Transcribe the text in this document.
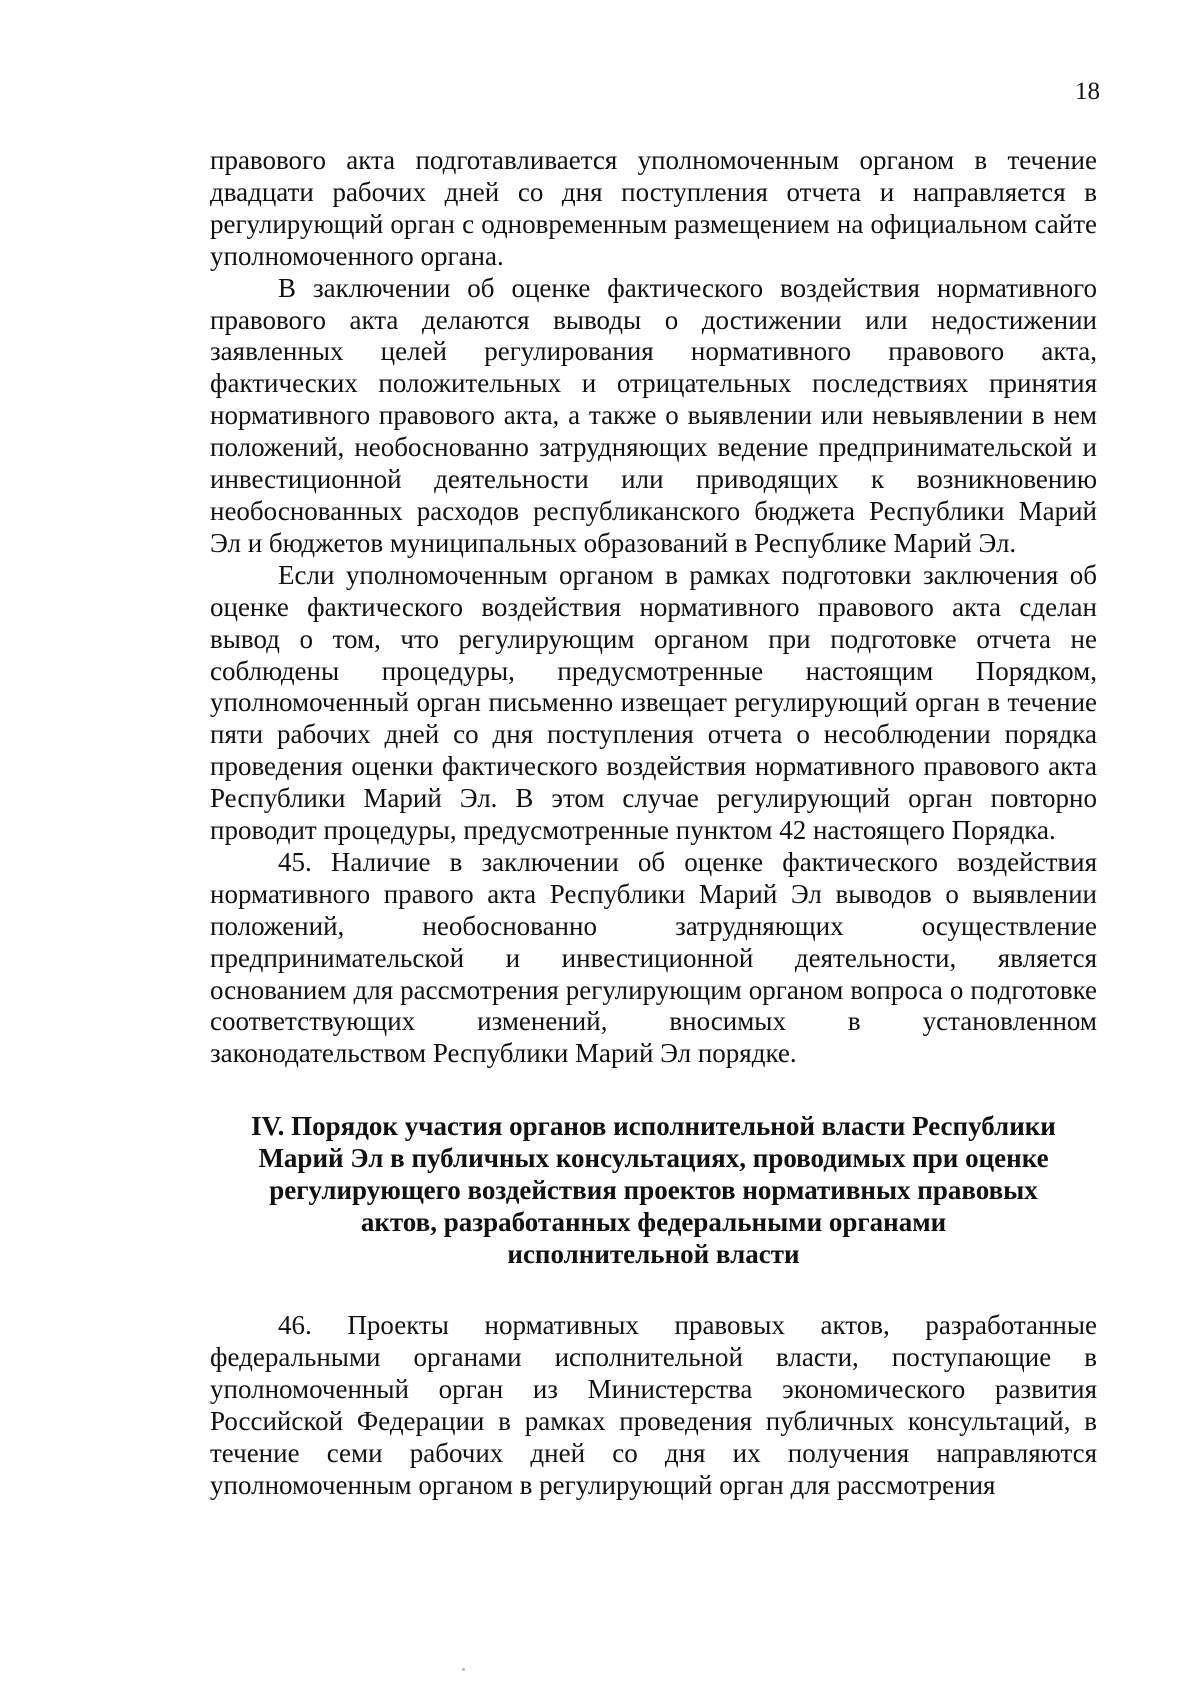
18

правового акта подготавливается уполномоченным органом в течение двадцати рабочих дней со дня поступления отчета и направляется в регулирующий орган с одновременным размещением на официальном сайте уполномоченного органа.

В заключении об оценке фактического воздействия нормативного правового акта делаются выводы о достижении или недостижении заявленных целей регулирования нормативного правового акта, фактических положительных и отрицательных последствиях принятия нормативного правового акта, а также о выявлении или невыявлении в нем положений, необоснованно затрудняющих ведение предпринимательской и инвестиционной деятельности или приводящих к возникновению необоснованных расходов республиканского бюджета Республики Марий Эл и бюджетов муниципальных образований в Республике Марий Эл.

Если уполномоченным органом в рамках подготовки заключения об оценке фактического воздействия нормативного правового акта сделан вывод о том, что регулирующим органом при подготовке отчета не соблюдены процедуры, предусмотренные настоящим Порядком, уполномоченный орган письменно извещает регулирующий орган в течение пяти рабочих дней со дня поступления отчета о несоблюдении порядка проведения оценки фактического воздействия нормативного правового акта Республики Марий Эл. В этом случае регулирующий орган повторно проводит процедуры, предусмотренные пунктом 42 настоящего Порядка.

45. Наличие в заключении об оценке фактического воздействия нормативного правого акта Республики Марий Эл выводов о выявлении положений, необоснованно затрудняющих осуществление предпринимательской и инвестиционной деятельности, является основанием для рассмотрения регулирующим органом вопроса о подготовке соответствующих изменений, вносимых в установленном законодательством Республики Марий Эл порядке.

IV. Порядок участия органов исполнительной власти Республики
Марий Эл в публичных консультациях, проводимых при оценке
регулирующего воздействия проектов нормативных правовых
актов, разработанных федеральными органами
исполнительной власти

46. Проекты нормативных правовых актов, разработанные федеральными органами исполнительной власти, поступающие в уполномоченный орган из Министерства экономического развития Российской Федерации в рамках проведения публичных консультаций, в течение семи рабочих дней со дня их получения направляются уполномоченным органом в регулирующий орган для рассмотрения
